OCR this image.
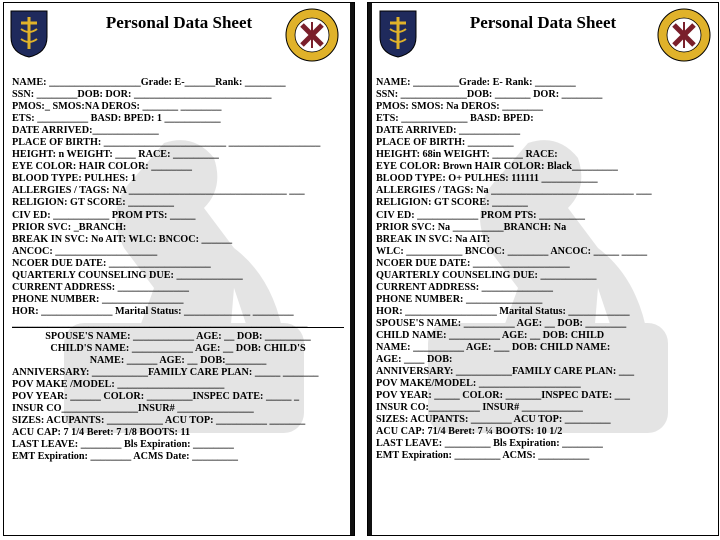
Personal Data Sheet
NAME: __________________Grade: E-______Rank: ________
SSN: ________DOB: DOR: ___________________________
PMOS:_ SMOS:NA DEROS: _______ ________
ETS: __________ BASD: BPED: 1 ___________
DATE ARRIVED:_____________
PLACE OF BIRTH: ________________________ __________________
HEIGHT: n WEIGHT: ____ RACE: _________
EYE COLOR: HAIR COLOR: ________
BLOOD TYPE: PULHES: 1
ALLERGIES / TAGS: NA _______________________________ ___
RELIGION: GT SCORE: _________
CIV ED: ___________ PROM PTS: _____
PRIOR SVC: _BRANCH:
BREAK IN SVC: No AIT: WLC: BNCOC: ______
ANCOC: ____________________
NCOER DUE DATE: ____________________
QUARTERLY COUNSELING DUE: _____________
CURRENT ADDRESS: ______________
PHONE NUMBER: ________________
HOR: ______________ Marital Status: _____________ ________
__________________________________________________________
SPOUSE'S NAME: ____________ AGE: __ DOB: _________
CHILD'S NAME: ____________ AGE: __ DOB: CHILD'S
NAME: ______ AGE: __ DOB:________
ANNIVERSARY: ___________FAMILY CARE PLAN: _____ _______
POV MAKE /MODEL: _____________________
POV YEAR: ______ COLOR: _________INSPEC DATE: _____ _
INSUR CO_______________INSUR# _______________
SIZES: ACUPANTS: ___________ ACU TOP: __________ _______
ACU CAP: 7 1/4 Beret: 7 1/8 BOOTS: 11
LAST LEAVE: ________ Bls Expiration: ________
EMT Expiration: ________ ACMS Date: _________
Personal Data Sheet
NAME: _________Grade: E- Rank: ________
SSN: _____________DOB: _______ DOR: ________
PMOS: SMOS: Na DEROS: ________
ETS: _____________ BASD: BPED:
DATE ARRIVED: ____________
PLACE OF BIRTH: _________
HEIGHT: 68in WEIGHT: ______ RACE:
EYE COLOR: Brown HAIR COLOR: Black_________
BLOOD TYPE: O+ PULHES: 111111 ___________
ALLERGIES / TAGS: Na ____________________________ ___
RELIGION: GT SCORE: _______
CIV ED: ____________ PROM PTS: _________
PRIOR SVC: Na __________BRANCH: Na
BREAK IN SVC: Na AIT:
WLC: ___________ BNCOC: ________ ANCOC: _____ _____
NCOER DUE DATE: ___________________
QUARTERLY COUNSELING DUE: ___________
CURRENT ADDRESS: ______________
PHONE NUMBER: _______________
HOR: __________________ Marital Status: ____________
SPOUSE'S NAME: __________ AGE: __ DOB: ________
CHILD NAME: __________ AGE: __ DOB: CHILD
NAME: __________ AGE: ___ DOB: CHILD NAME:
AGE: ____ DOB:
ANNIVERSARY: ___________FAMILY CARE PLAN: ___
POV MAKE/MODEL: ____________________
POV YEAR: _____ COLOR: _______INSPEC DATE: ___
INSUR CO:__________ INSUR# ____________
SIZES: ACUPANTS: ________ ACU TOP: _________
ACU CAP: 71/4 Beret: 7 ¼ BOOTS: 10 1/2
LAST LEAVE: _________ Bls Expiration: ________
EMT Expiration: _________ ACMS: __________
